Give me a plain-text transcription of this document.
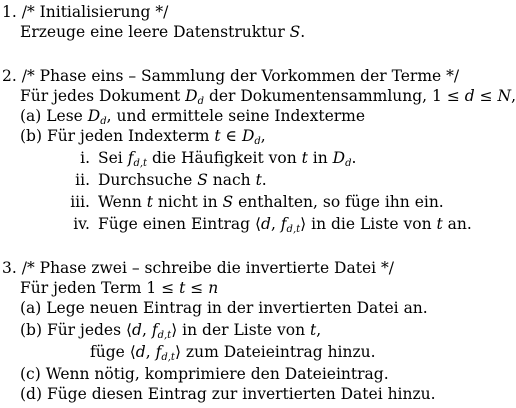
1. /* Initialisierung */
Erzeuge eine leere Datenstruktur S.
2. /* Phase eins – Sammlung der Vorkommen der Terme */
Für jedes Dokument $D_d$ der Dokumentensammlung, 1 ≤ d ≤ N,
(a) Lese $D_d$, und ermittele seine Indexterme
(b) Für jeden Indexterm t ∈ $D_d$,
i. Sei $f_{d,t}$ die Häufigkeit von t in $D_d$.
ii. Durchsuche S nach t.
iii. Wenn t nicht in S enthalten, so füge ihn ein.
iv. Füge einen Eintrag ⟨d, $f_{d,t}⟩$ in die Liste von t an.
3. /* Phase zwei – schreibe die invertierte Datei */
Für jeden Term 1 ≤ t ≤ n
(a) Lege neuen Eintrag in der invertierten Datei an.
(b) Für jedes ⟨d, $f_{d,t}⟩$ in der Liste von t,
füge ⟨d, $f_{d,t}⟩$ zum Dateieintrag hinzu.
(c) Wenn nötig, komprimiere den Dateieintrag.
(d) Füge diesen Eintrag zur invertierten Datei hinzu.
